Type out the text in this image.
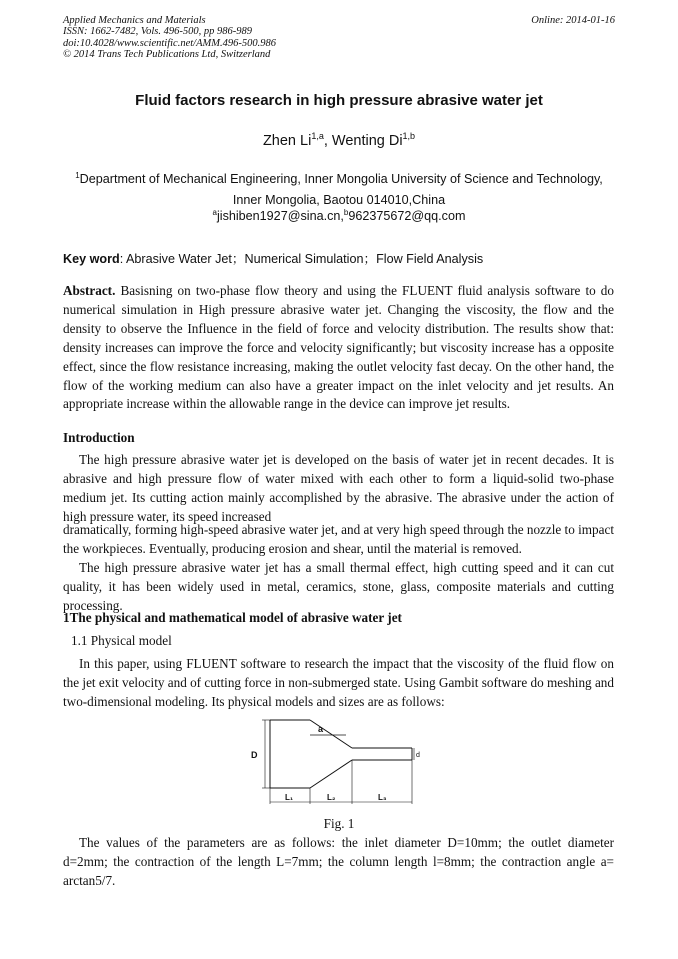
Applied Mechanics and Materials
ISSN: 1662-7482, Vols. 496-500, pp 986-989
doi:10.4028/www.scientific.net/AMM.496-500.986
© 2014 Trans Tech Publications Ltd, Switzerland
Online: 2014-01-16
Fluid factors research in high pressure abrasive water jet
Zhen Li$^{1,a}$, Wenting Di$^{1,b}$
$^1$Department of Mechanical Engineering, Inner Mongolia University of Science and Technology,
Inner Mongolia, Baotou 014010,China
$^a$jishiben1927@sina.cn,$^b$962375672@qq.com
Key word: Abrasive Water Jet；Numerical Simulation；Flow Field Analysis

Abstract. Basisning on two-phase flow theory and using the FLUENT fluid analysis software to do numerical simulation in High pressure abrasive water jet. Changing the viscosity, the flow and the density to observe the Influence in the field of force and velocity distribution. The results show that: density increases can improve the force and velocity significantly; but viscosity increase has a opposite effect, since the flow resistance increasing, making the outlet velocity fast decay. On the other hand, the flow of the working medium can also have a greater impact on the inlet velocity and jet results. An appropriate increase within the allowable range in the device can improve jet results.

Introduction

The high pressure abrasive water jet is developed on the basis of water jet in recent decades. It is abrasive and high pressure flow of water mixed with each other to form a liquid-solid two-phase medium jet. Its cutting action mainly accomplished by the abrasive. The abrasive under the action of high pressure water, its speed increased

dramatically, forming high-speed abrasive water jet, and at very high speed through the nozzle to impact the workpieces. Eventually, producing erosion and shear, until the material is removed.

The high pressure abrasive water jet has a small thermal effect, high cutting speed and it can cut quality, it has been widely used in metal, ceramics, stone, glass, composite materials and cutting processing.

1The physical and mathematical model of abrasive water jet
1.1 Physical model

In this paper, using FLUENT software to research the impact that the viscosity of the fluid flow on the jet exit velocity and of cutting force in non-submerged state. Using Gambit software do meshing and two-dimensional modeling. Its physical models and sizes are as follows:

D	d
a
L₁	L₂	L₃
Fig. 1

The values of the parameters are as follows: the inlet diameter D=10mm; the outlet diameter d=2mm; the contraction of the length L=7mm; the column length l=8mm; the contraction angle a= arctan5/7.
